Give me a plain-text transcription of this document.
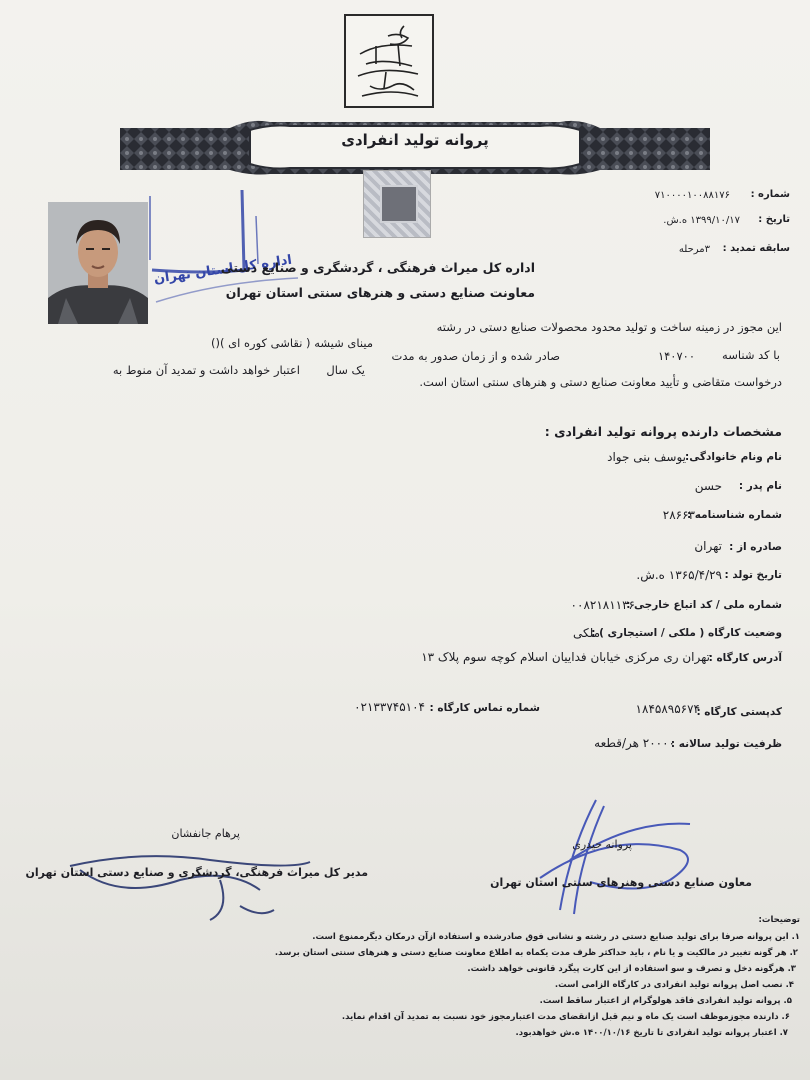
پروانه تولید انفرادی
شماره :
۷۱۰۰۰۰۱۰۰۸۸۱۷۶
تاریخ :
۱۳۹۹/۱۰/۱۷ ه.ش.
سابقه تمدید :
۳مرحله
اداره کل استان تهران
اداره کل میراث فرهنگی ، گردشگری و صنایع دستی
معاونت صنایع دستی و هنرهای سنتی استان تهران
این مجوز در زمینه ساخت و تولید محدود محصولات صنایع دستی در رشته
مینای شیشه ( نقاشی کوره ای )()
با کد شناسه
۱۴۰۷۰۰
صادر شده و از زمان صدور به مدت
یک سال
اعتبار خواهد داشت و تمدید آن منوط به
درخواست متقاضی و تأیید معاونت صنایع دستی و هنرهای سنتی استان است.
مشخصات دارنده پروانه تولید انفرادی :
نام ونام خانوادگی:
یوسف بنی جواد
نام پدر :
حسن
شماره شناسنامه :
۲۸۶۶۳
صادره از :
تهران
تاریخ تولد :
۱۳۶۵/۴/۲۹ ه.ش.
شماره ملی / کد اتباع خارجی :
۰۰۸۲۱۸۱۱۳۶
وضعیت کارگاه ( ملکی / استیجاری ) :
ملکی
آدرس کارگاه :
تهران ری مرکزی خیابان فداییان اسلام کوچه سوم پلاک ۱۳
کدپستی کارگاه :
۱۸۴۵۸۹۵۶۷۴
شماره تماس کارگاه :
۰۲۱۳۳۷۴۵۱۰۴
ظرفیت تولید سالانه :
۲۰۰۰۰ هر/قطعه
پروانه حیدری
معاون صنایع دستی وهنرهای سنتی استان تهران
پرهام جانفشان
مدیر کل میراث فرهنگی، گردشگری و صنایع دستی استان تهران
توضیحات:
۱. این پروانه صرفا برای تولید صنایع دستی در رشته و نشانی فوق صادرشده و استفاده ازآن درمکان دیگرممنوع است.
۲. هر گونه تغییر در مالکیت و یا نام ، باید حداکثر ظرف مدت یکماه به اطلاع معاونت صنایع دستی و هنرهای سنتی استان برسد.
۳. هرگونه دخل و تصرف و سو استفاده از این کارت پیگرد قانونی خواهد داشت.
۴. نصب اصل پروانه تولید انفرادی در کارگاه الزامی است.
۵. پروانه تولید انفرادی فاقد هولوگرام از اعتبار ساقط است.
۶. دارنده مجوزموظف است یک ماه و نیم قبل ازانقضای مدت اعتبارمجوز خود نسبت به تمدید آن اقدام نماید.
۷. اعتبار پروانه تولید انفرادی تا تاریخ ۱۴۰۰/۱۰/۱۶ ه.ش خواهدبود.
